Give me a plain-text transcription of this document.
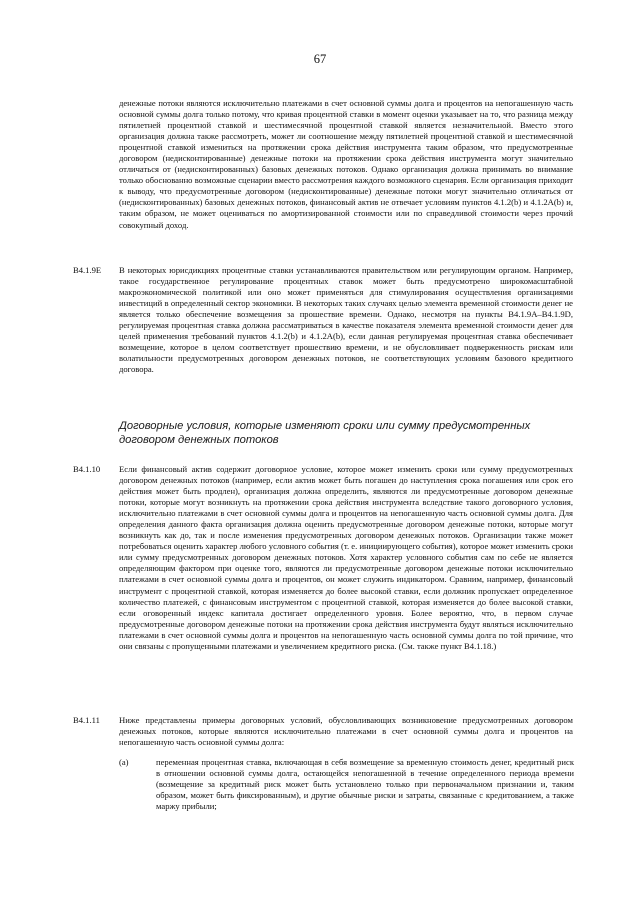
67

денежные потоки являются исключительно платежами в счет основной суммы долга и процентов на непогашенную часть основной суммы долга только потому, что кривая процентной ставки в момент оценки указывает на то, что разница между пятилетней процентной ставкой и шестимесячной процентной ставкой является незначительной. Вместо этого организация должна также рассмотреть, может ли соотношение между пятилетней процентной ставкой и шестимесячной процентной ставкой измениться на протяжении срока действия инструмента таким образом, что предусмотренные договором (недисконтированные) денежные потоки на протяжении срока действия инструмента могут значительно отличаться от (недисконтированных) базовых денежных потоков. Однако организация должна принимать во внимание только обоснованно возможные сценарии вместо рассмотрения каждого возможного сценария. Если организация приходит к выводу, что предусмотренные договором (недисконтированные) денежные потоки могут значительно отличаться от (недисконтированных) базовых денежных потоков, финансовый актив не отвечает условиям пунктов 4.1.2(b) и 4.1.2A(b) и, таким образом, не может оцениваться по амортизированной стоимости или по справедливой стоимости через прочий совокупный доход.

B4.1.9E	В некоторых юрисдикциях процентные ставки устанавливаются правительством или регулирующим органом. Например, такое государственное регулирование процентных ставок может быть предусмотрено широкомасштабной макроэкономической политикой или оно может применяться для стимулирования осуществления организациями инвестиций в определенный сектор экономики. В некоторых таких случаях целью элемента временной стоимости денег не является только обеспечение возмещения за прошествие времени. Однако, несмотря на пункты B4.1.9A–B4.1.9D, регулируемая процентная ставка должна рассматриваться в качестве показателя элемента временной стоимости денег для целей применения требований пунктов 4.1.2(b) и 4.1.2A(b), если данная регулируемая процентная ставка обеспечивает возмещение, которое в целом соответствует прошествию времени, и не обусловливает подверженность рискам или волатильности предусмотренных договором денежных потоков, не соответствующих условиям базового кредитного договора.

Договорные условия, которые изменяют сроки или сумму предусмотренных договором денежных потоков
B4.1.10	Если финансовый актив содержит договорное условие, которое может изменить сроки или сумму предусмотренных договором денежных потоков (например, если актив может быть погашен до наступления срока погашения или срок его действия может быть продлен), организация должна определить, являются ли предусмотренные договором денежные потоки, которые могут возникнуть на протяжении срока действия инструмента вследствие такого договорного условия, исключительно платежами в счет основной суммы долга и процентов на непогашенную часть основной суммы долга. Для определения данного факта организация должна оценить предусмотренные договором денежные потоки, которые могут возникнуть как до, так и после изменения предусмотренных договором денежных потоков. Организации также может потребоваться оценить характер любого условного события (т. е. инициирующего события), которое может изменить сроки или сумму предусмотренных договором денежных потоков. Хотя характер условного события сам по себе не является определяющим фактором при оценке того, являются ли предусмотренные договором денежные потоки исключительно платежами в счет основной суммы долга и процентов, он может служить индикатором. Сравним, например, финансовый инструмент с процентной ставкой, которая изменяется до более высокой ставки, если должник пропускает определенное количество платежей, с финансовым инструментом с процентной ставкой, которая изменяется до более высокой ставки, если оговоренный индекс капитала достигает определенного уровня. Более вероятно, что, в первом случае предусмотренные договором денежные потоки на протяжении срока действия инструмента будут являться исключительно платежами в счет основной суммы долга и процентов на непогашенную часть основной суммы долга по той причине, что они связаны с пропущенными платежами и увеличением кредитного риска. (См. также пункт B4.1.18.)

B4.1.11	Ниже представлены примеры договорных условий, обусловливающих возникновение предусмотренных договором денежных потоков, которые являются исключительно платежами в счет основной суммы долга и процентов на непогашенную часть основной суммы долга:

(a)	переменная процентная ставка, включающая в себя возмещение за временную стоимость денег, кредитный риск в отношении основной суммы долга, остающейся непогашенной в течение определенного периода времени (возмещение за кредитный риск может быть установлено только при первоначальном признании и, таким образом, может быть фиксированным), и другие обычные риски и затраты, связанные с кредитованием, а также маржу прибыли;
